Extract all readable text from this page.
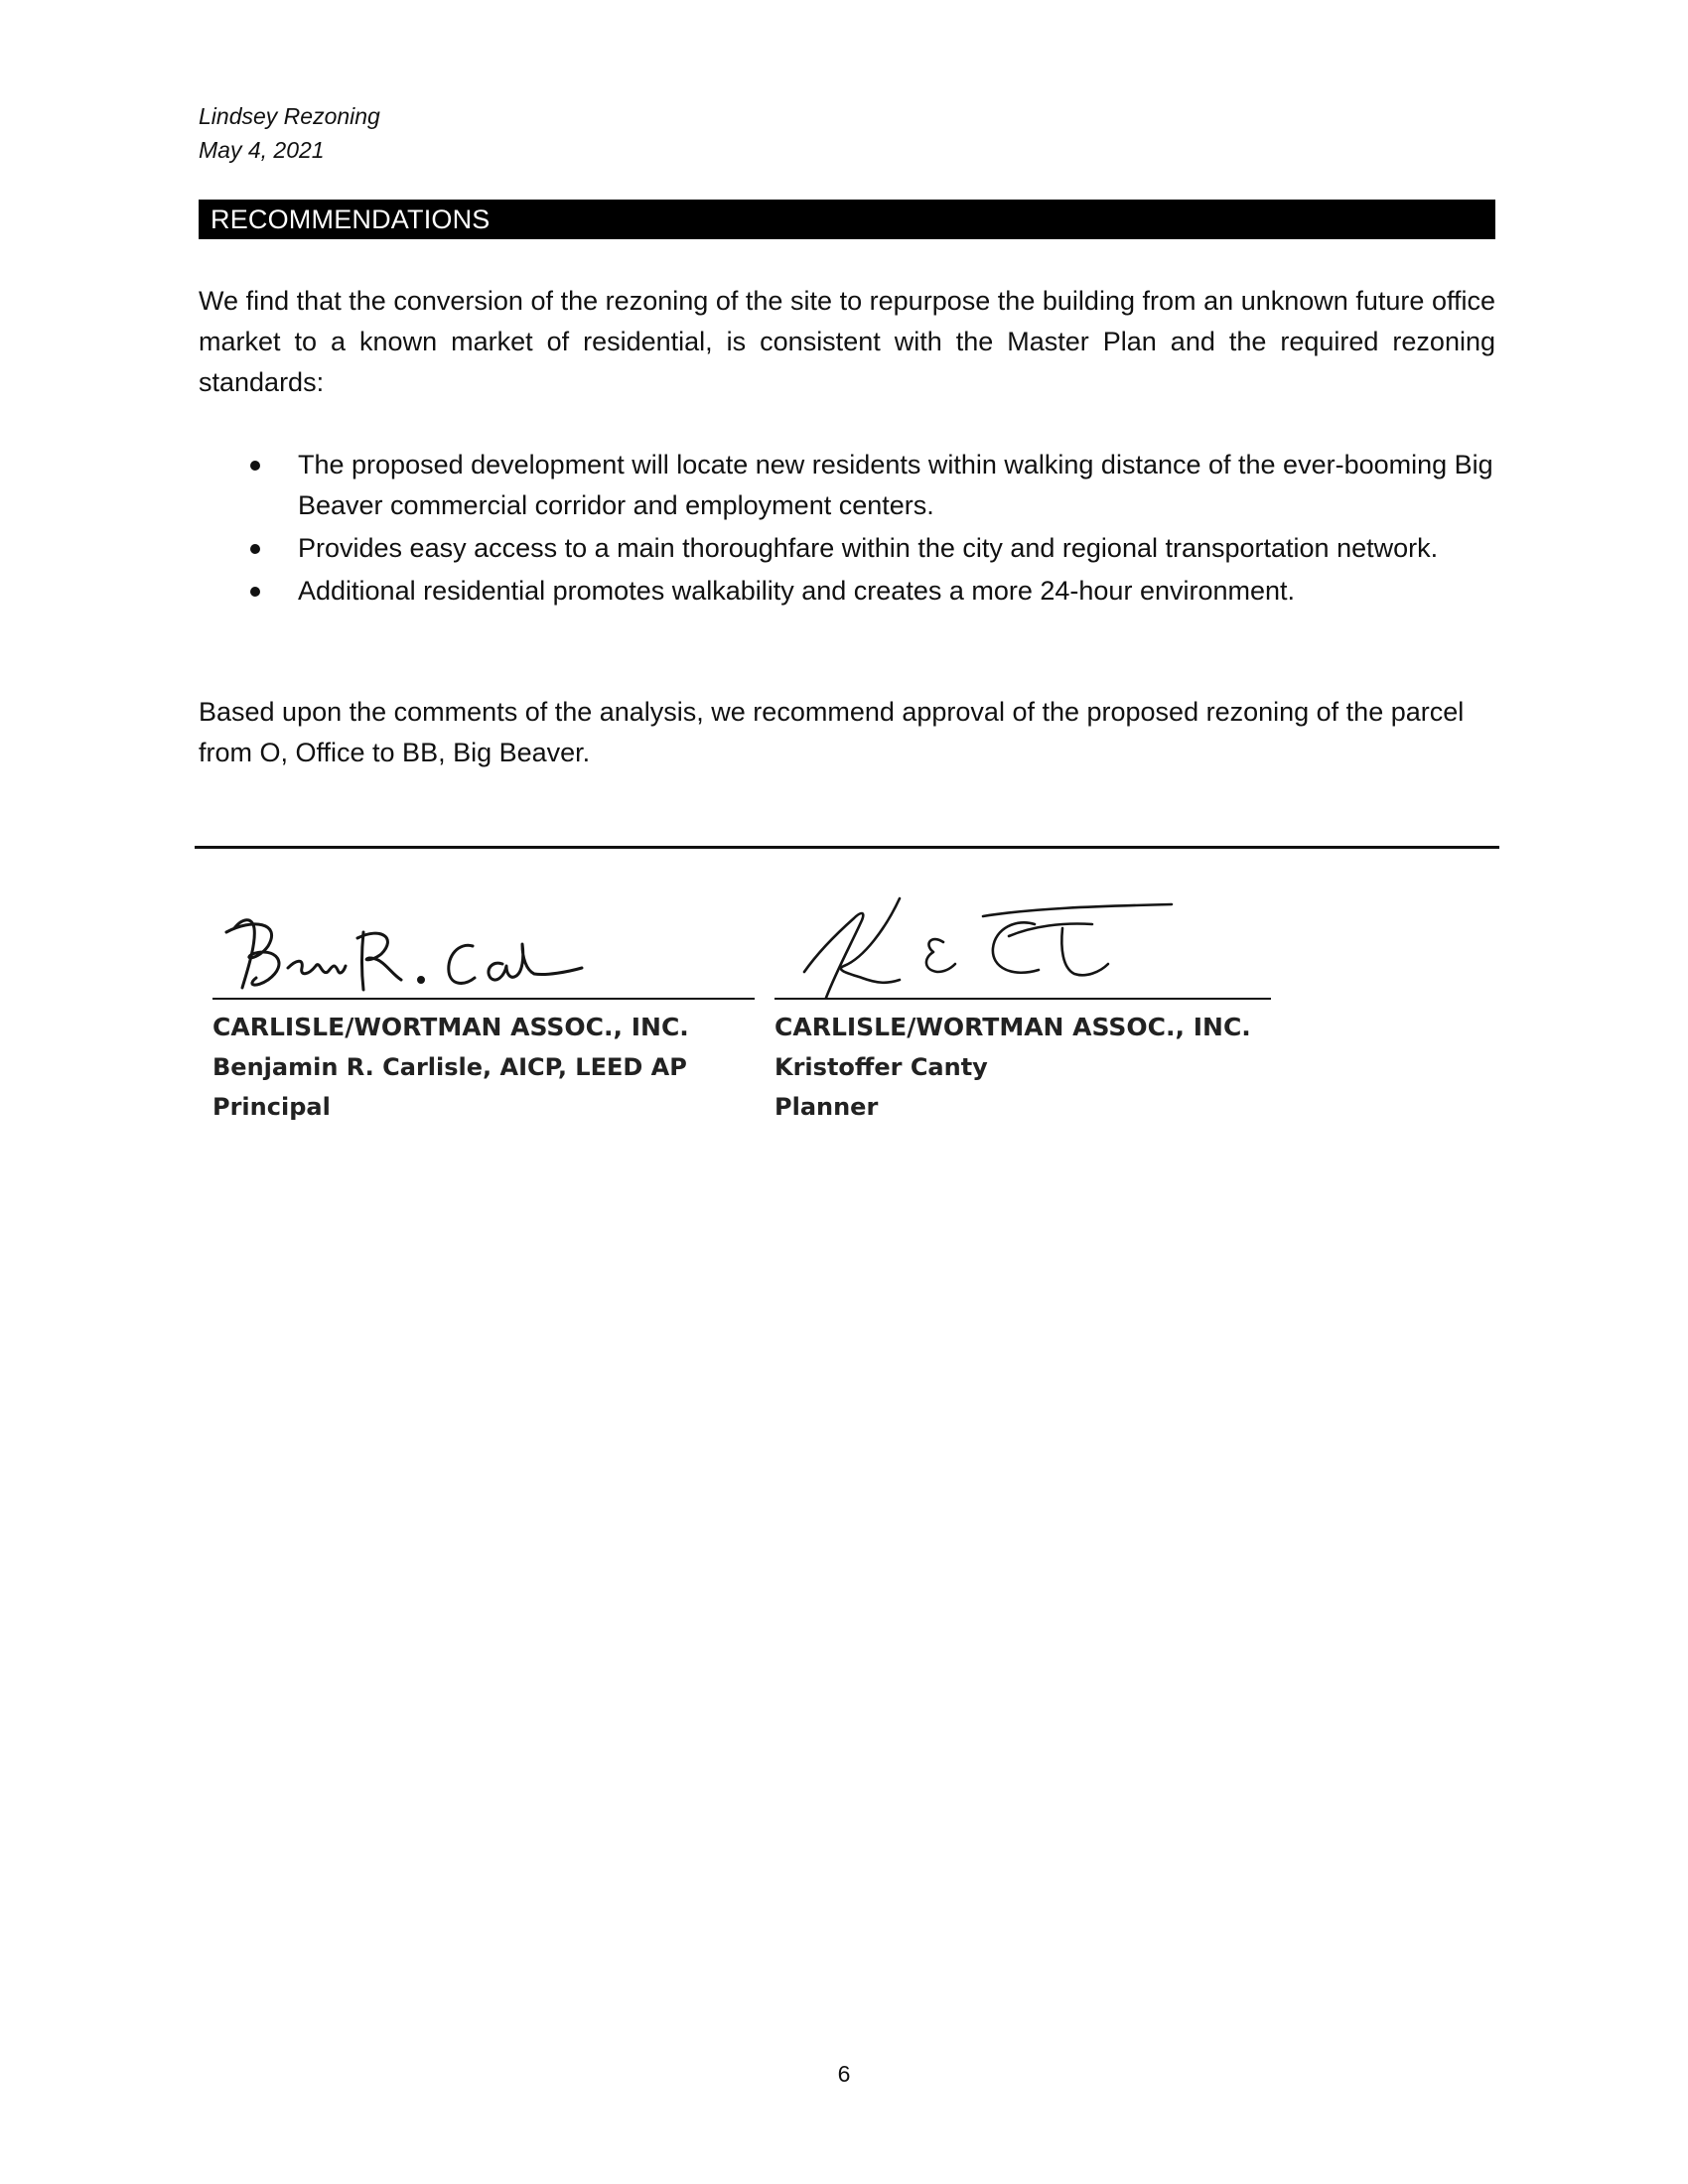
Lindsey Rezoning
May 4, 2021
RECOMMENDATIONS
We find that the conversion of the rezoning of the site to repurpose the building from an unknown future office market to a known market of residential, is consistent with the Master Plan and the required rezoning standards:
The proposed development will locate new residents within walking distance of the ever-booming Big Beaver commercial corridor and employment centers.
Provides easy access to a main thoroughfare within the city and regional transportation network.
Additional residential promotes walkability and creates a more 24-hour environment.
Based upon the comments of the analysis, we recommend approval of the proposed rezoning of the parcel from O, Office to BB, Big Beaver.
CARLISLE/WORTMAN ASSOC., INC.
Benjamin R. Carlisle, AICP, LEED AP
Principal
CARLISLE/WORTMAN ASSOC., INC.
Kristoffer Canty
Planner
6
